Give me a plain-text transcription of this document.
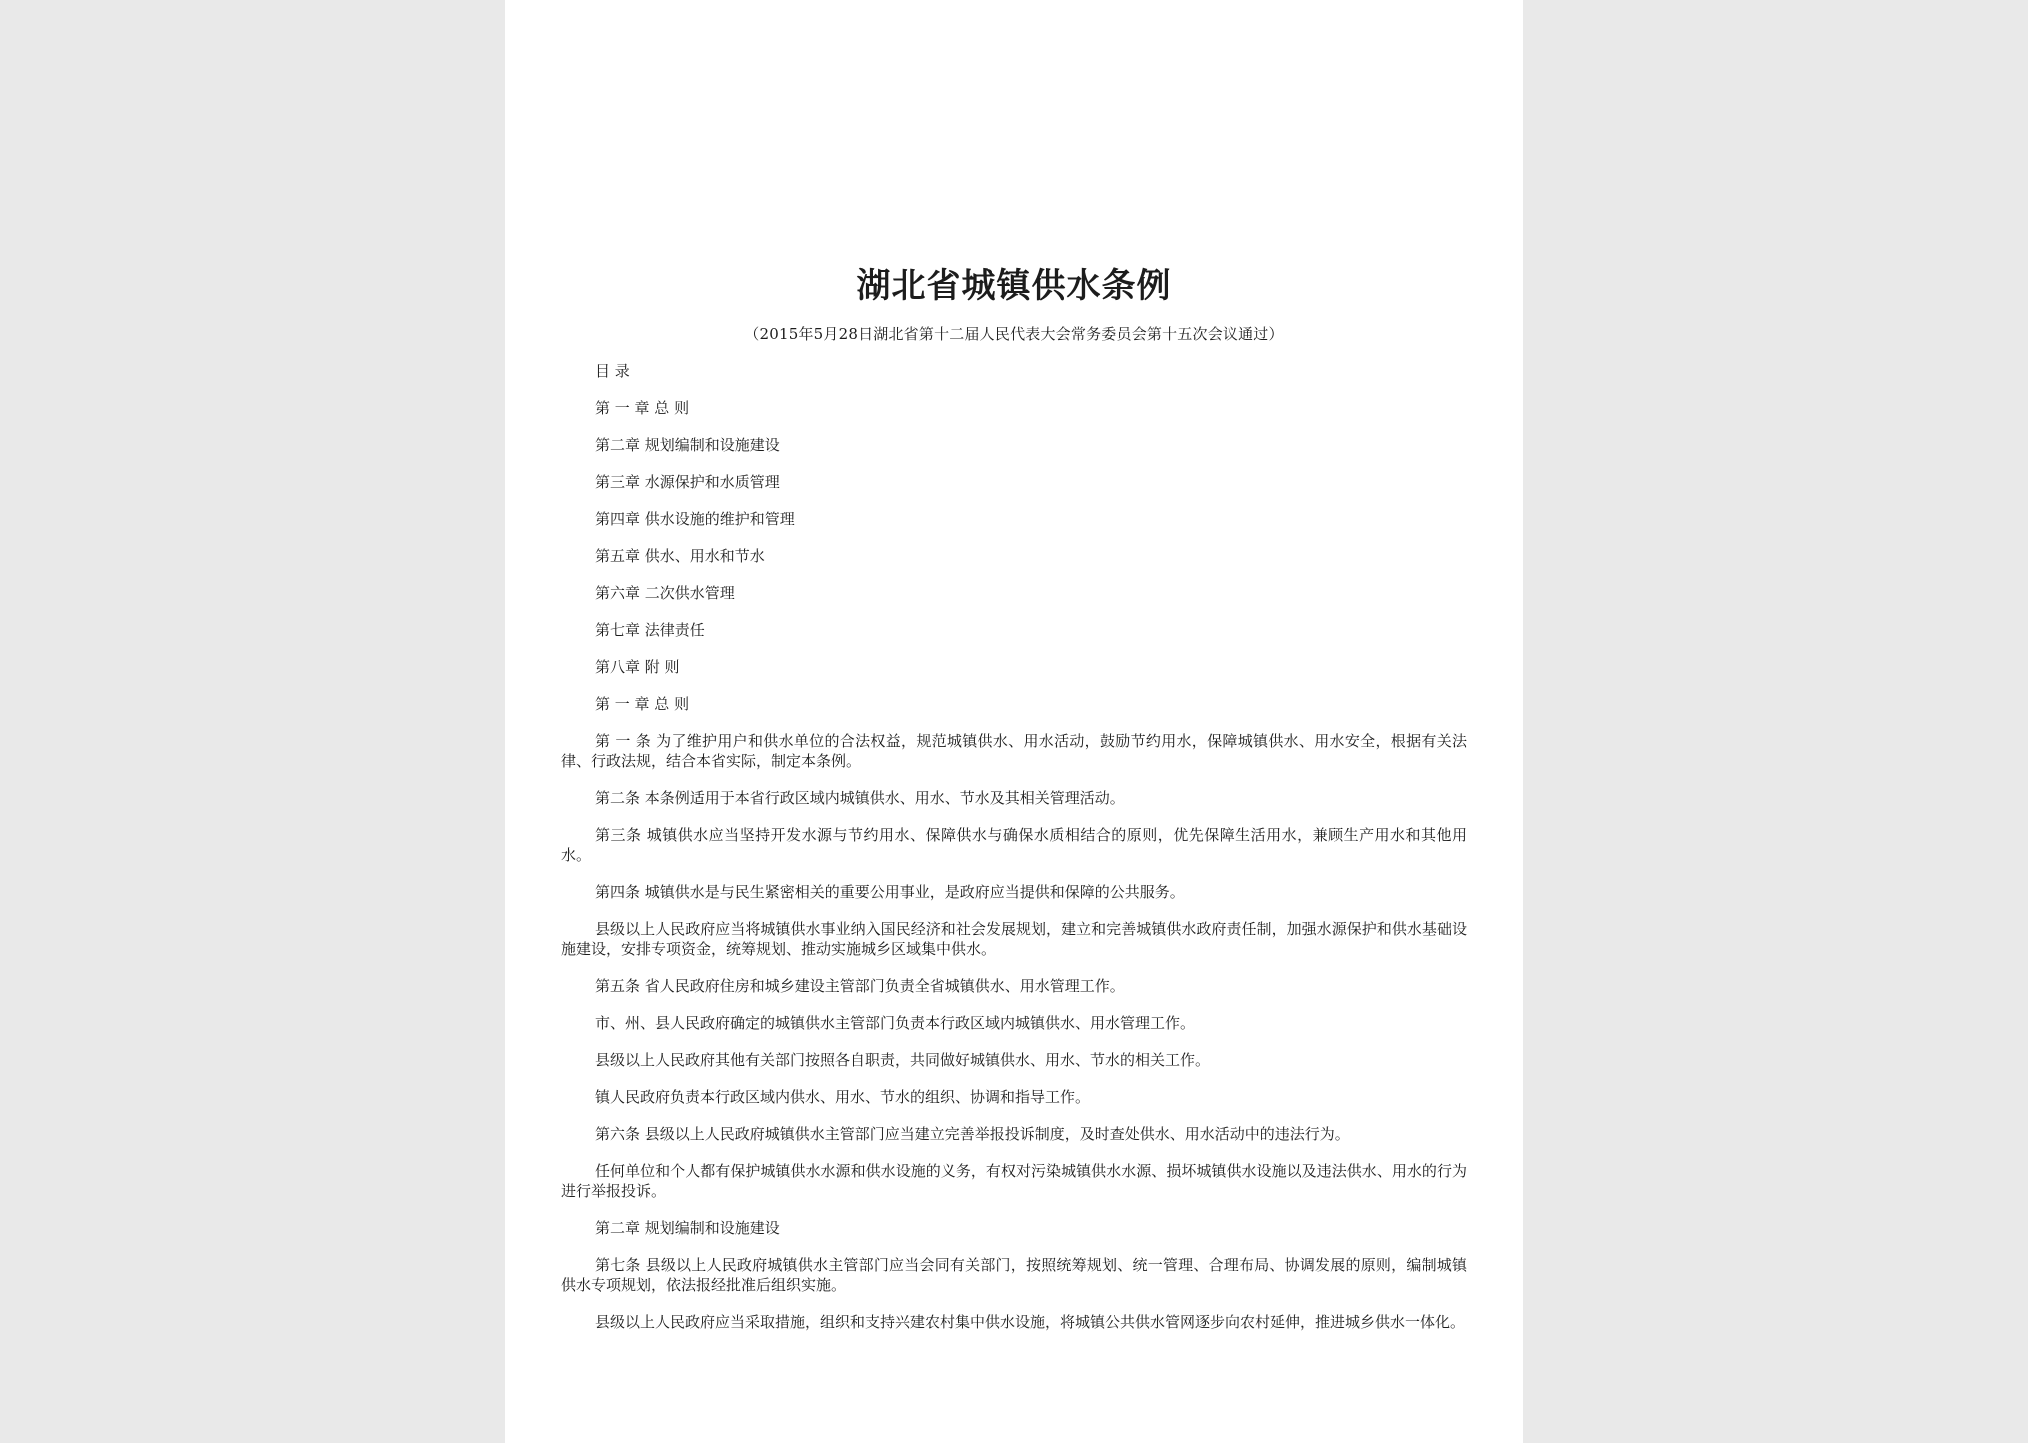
湖北省城镇供水条例
（2015年5月28日湖北省第十二届人民代表大会常务委员会第十五次会议通过）

目 录

第 一 章 总 则

第二章 规划编制和设施建设

第三章 水源保护和水质管理

第四章 供水设施的维护和管理

第五章 供水、用水和节水

第六章 二次供水管理

第七章 法律责任

第八章 附 则

第 一 章 总 则

第 一 条 为了维护用户和供水单位的合法权益，规范城镇供水、用水活动，鼓励节约用水，保障城镇供水、用水安全，根据有关法律、行政法规，结合本省实际，制定本条例。

第二条 本条例适用于本省行政区域内城镇供水、用水、节水及其相关管理活动。

第三条 城镇供水应当坚持开发水源与节约用水、保障供水与确保水质相结合的原则，优先保障生活用水，兼顾生产用水和其他用水。

第四条 城镇供水是与民生紧密相关的重要公用事业，是政府应当提供和保障的公共服务。

县级以上人民政府应当将城镇供水事业纳入国民经济和社会发展规划，建立和完善城镇供水政府责任制，加强水源保护和供水基础设施建设，安排专项资金，统筹规划、推动实施城乡区域集中供水。

第五条 省人民政府住房和城乡建设主管部门负责全省城镇供水、用水管理工作。

市、州、县人民政府确定的城镇供水主管部门负责本行政区域内城镇供水、用水管理工作。

县级以上人民政府其他有关部门按照各自职责，共同做好城镇供水、用水、节水的相关工作。

镇人民政府负责本行政区域内供水、用水、节水的组织、协调和指导工作。

第六条 县级以上人民政府城镇供水主管部门应当建立完善举报投诉制度，及时查处供水、用水活动中的违法行为。

任何单位和个人都有保护城镇供水水源和供水设施的义务，有权对污染城镇供水水源、损坏城镇供水设施以及违法供水、用水的行为进行举报投诉。

第二章 规划编制和设施建设

第七条 县级以上人民政府城镇供水主管部门应当会同有关部门，按照统筹规划、统一管理、合理布局、协调发展的原则，编制城镇供水专项规划，依法报经批准后组织实施。

县级以上人民政府应当采取措施，组织和支持兴建农村集中供水设施，将城镇公共供水管网逐步向农村延伸，推进城乡供水一体化。
